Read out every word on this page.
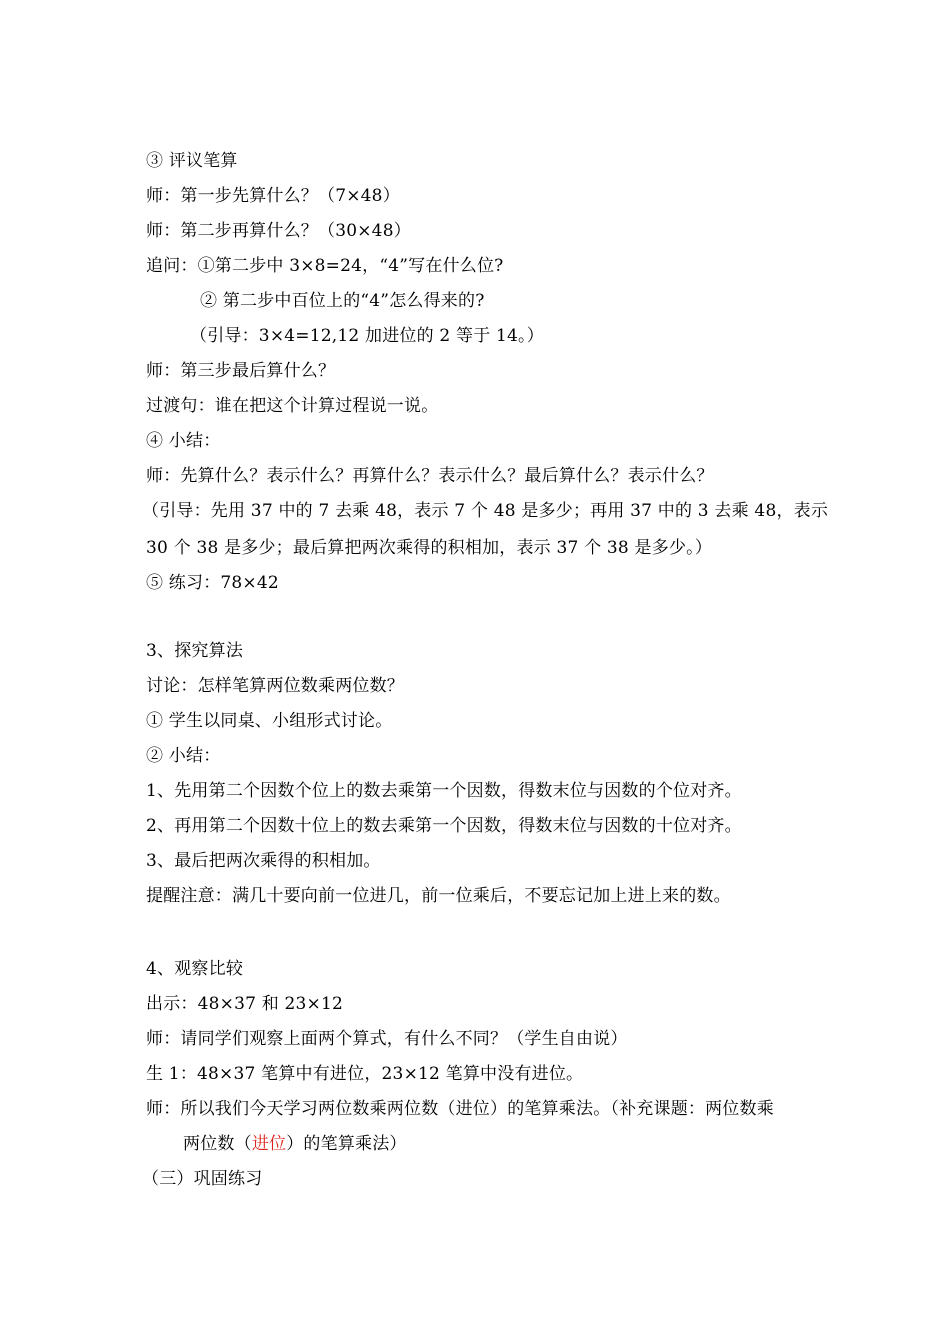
③ 评议笔算
师：第一步先算什么？（7×48）
师：第二步再算什么？（30×48）
追问：①第二步中 3×8=24，“4”写在什么位?
② 第二步中百位上的“4”怎么得来的?
（引导：3×4=12,12 加进位的 2 等于 14。）
师：第三步最后算什么？
过渡句：谁在把这个计算过程说一说。
④ 小结：
师：先算什么？表示什么？再算什么？表示什么？最后算什么？表示什么？
（引导：先用 37 中的 7 去乘 48，表示 7 个 48 是多少；再用 37 中的 3 去乘 48，表示
30 个 38 是多少；最后算把两次乘得的积相加，表示 37 个 38 是多少。）
⑤ 练习：78×42
3、探究算法
讨论：怎样笔算两位数乘两位数？
① 学生以同桌、小组形式讨论。
② 小结：
1、先用第二个因数个位上的数去乘第一个因数，得数末位与因数的个位对齐。
2、再用第二个因数十位上的数去乘第一个因数，得数末位与因数的十位对齐。
3、最后把两次乘得的积相加。
提醒注意：满几十要向前一位进几，前一位乘后，不要忘记加上进上来的数。
4、观察比较
出示：48×37 和 23×12
师：请同学们观察上面两个算式，有什么不同？（学生自由说）
生 1：48×37 笔算中有进位，23×12 笔算中没有进位。
师：所以我们今天学习两位数乘两位数（进位）的笔算乘法。（补充课题：两位数乘
两位数（进位）的笔算乘法）
（三）巩固练习
